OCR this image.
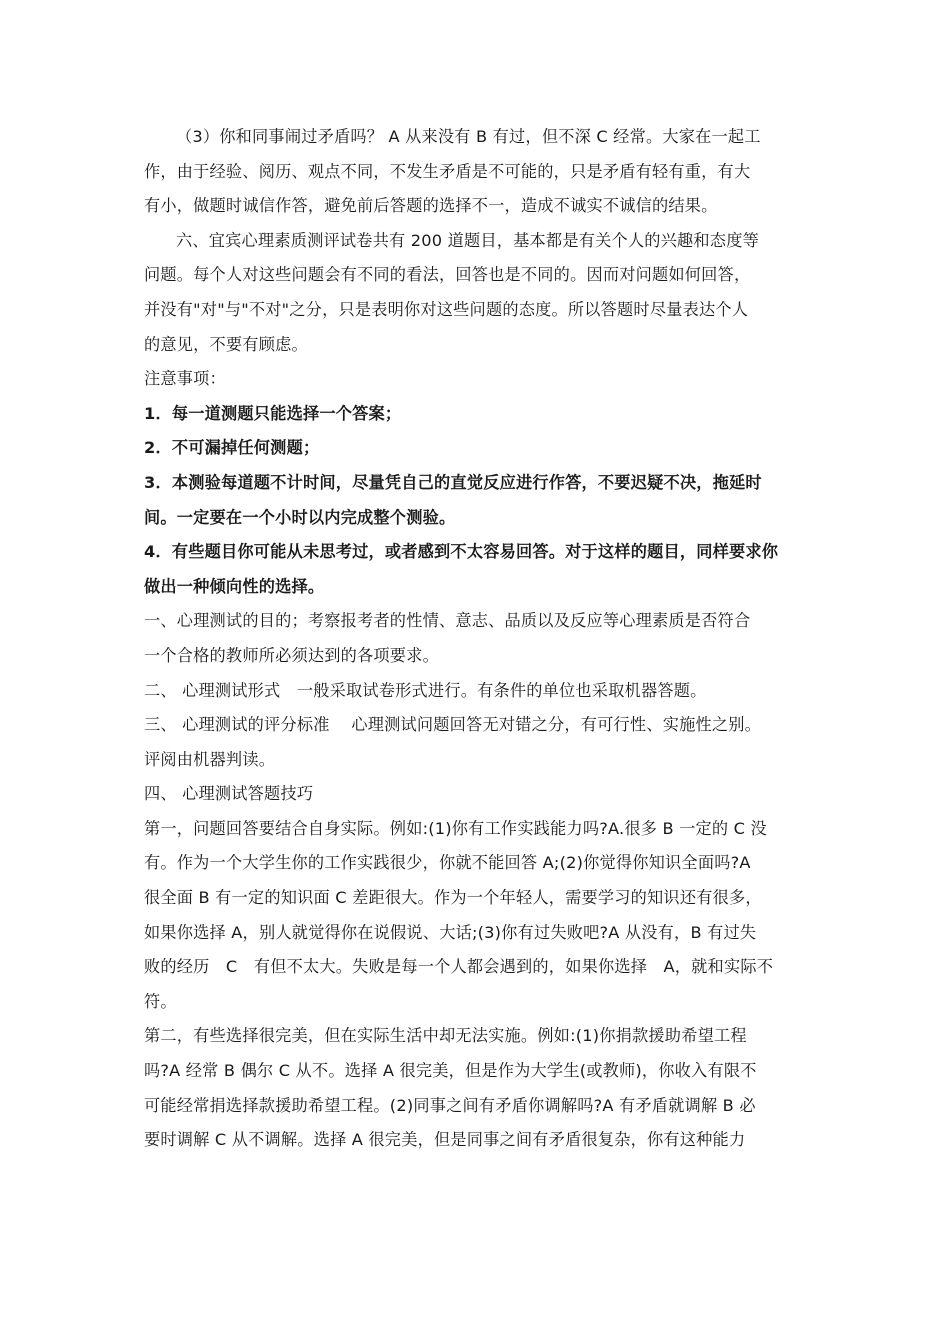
（3）你和同事闹过矛盾吗？ A 从来没有 B 有过，但不深 C 经常。大家在一起工
作，由于经验、阅历、观点不同，不发生矛盾是不可能的，只是矛盾有轻有重，有大
有小，做题时诚信作答，避免前后答题的选择不一，造成不诚实不诚信的结果。
六、宜宾心理素质测评试卷共有 200 道题目，基本都是有关个人的兴趣和态度等
问题。每个人对这些问题会有不同的看法，回答也是不同的。因而对问题如何回答，
并没有"对"与"不对"之分，只是表明你对这些问题的态度。所以答题时尽量表达个人
的意见，不要有顾虑。
注意事项：
1．每一道测题只能选择一个答案；
2．不可漏掉任何测题；
3．本测验每道题不计时间，尽量凭自己的直觉反应进行作答，不要迟疑不决，拖延时
间。一定要在一个小时以内完成整个测验。
4．有些题目你可能从未思考过，或者感到不太容易回答。对于这样的题目，同样要求你
做出一种倾向性的选择。
一、心理测试的目的；考察报考者的性情、意志、品质以及反应等心理素质是否符合
一个合格的教师所必须达到的各项要求。
二、 心理测试形式　一般采取试卷形式进行。有条件的单位也采取机器答题。
三、 心理测试的评分标准　 心理测试问题回答无对错之分，有可行性、实施性之别。
评阅由机器判读。
四、 心理测试答题技巧
第一，问题回答要结合自身实际。例如:(1)你有工作实践能力吗?A.很多 B 一定的 C 没
有。作为一个大学生你的工作实践很少，你就不能回答 A;(2)你觉得你知识全面吗?A
很全面 B 有一定的知识面 C 差距很大。作为一个年轻人，需要学习的知识还有很多，
如果你选择 A，别人就觉得你在说假说、大话;(3)你有过失败吧?A 从没有，B 有过失
败的经历　C　有但不太大。失败是每一个人都会遇到的，如果你选择　A，就和实际不
符。
第二，有些选择很完美，但在实际生活中却无法实施。例如:(1)你捐款援助希望工程
吗?A 经常 B 偶尔 C 从不。选择 A 很完美，但是作为大学生(或教师)，你收入有限不
可能经常捐选择款援助希望工程。(2)同事之间有矛盾你调解吗?A 有矛盾就调解 B 必
要时调解 C 从不调解。选择 A 很完美，但是同事之间有矛盾很复杂，你有这种能力
